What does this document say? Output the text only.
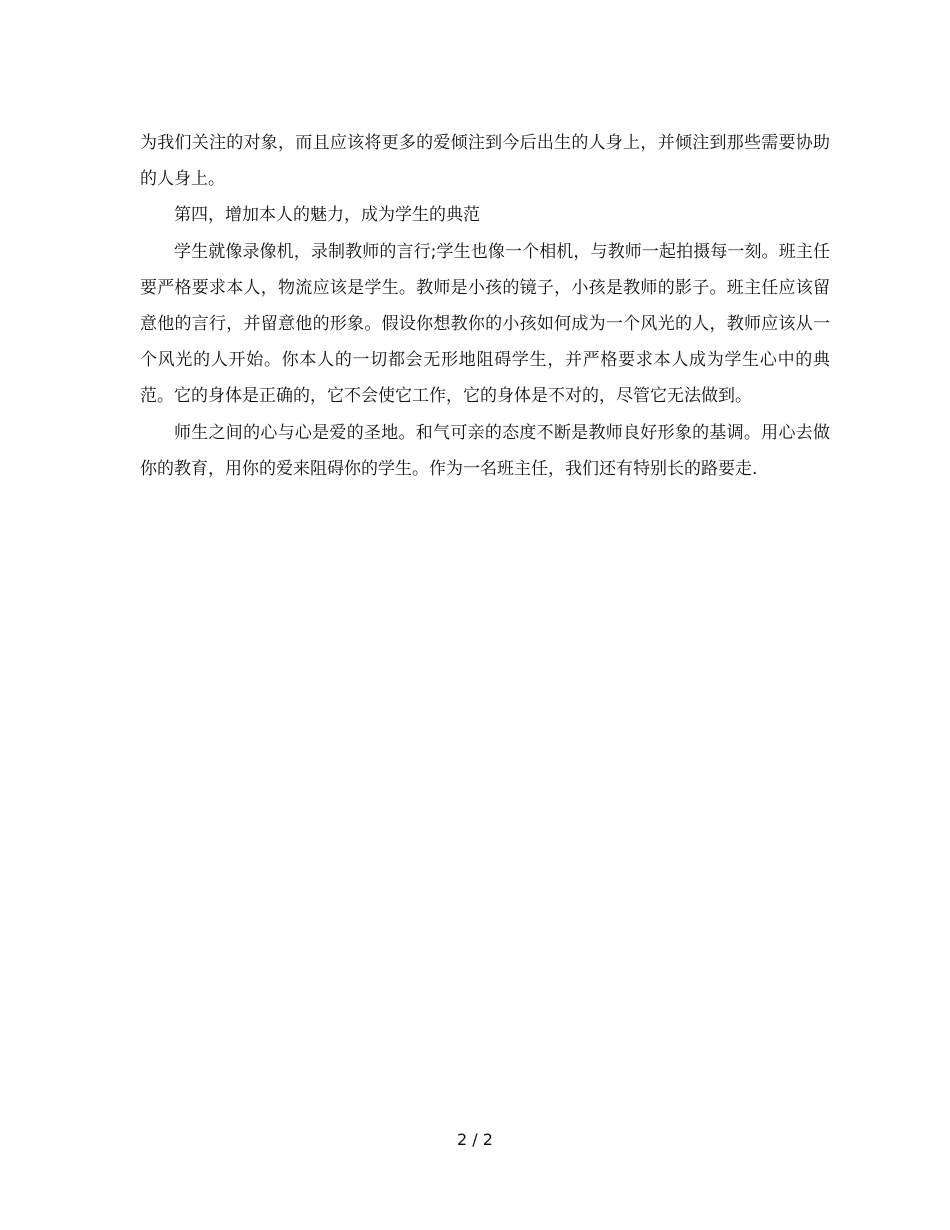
为我们关注的对象，而且应该将更多的爱倾注到今后出生的人身上，并倾注到那些需要协助的人身上。

第四，增加本人的魅力，成为学生的典范

学生就像录像机，录制教师的言行;学生也像一个相机，与教师一起拍摄每一刻。班主任要严格要求本人，物流应该是学生。教师是小孩的镜子，小孩是教师的影子。班主任应该留意他的言行，并留意他的形象。假设你想教你的小孩如何成为一个风光的人，教师应该从一个风光的人开始。你本人的一切都会无形地阻碍学生，并严格要求本人成为学生心中的典范。它的身体是正确的，它不会使它工作，它的身体是不对的，尽管它无法做到。

师生之间的心与心是爱的圣地。和气可亲的态度不断是教师良好形象的基调。用心去做你的教育，用你的爱来阻碍你的学生。作为一名班主任，我们还有特别长的路要走.

2 / 2
